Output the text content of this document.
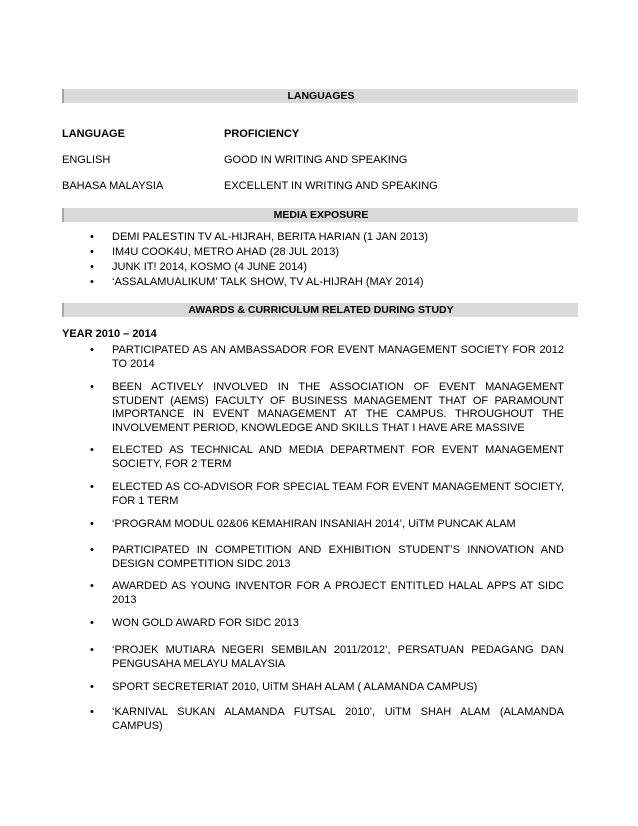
LANGUAGES
LANGUAGE	PROFICIENCY
ENGLISH	GOOD IN WRITING AND SPEAKING
BAHASA MALAYSIA	EXCELLENT IN WRITING AND SPEAKING
MEDIA EXPOSURE
• DEMI PALESTIN TV AL-HIJRAH, BERITA HARIAN (1 JAN 2013)
• IM4U COOK4U, METRO AHAD (28 JUL 2013)
• JUNK IT! 2014, KOSMO (4 JUNE 2014)
• ‘ASSALAMUALIKUM’ TALK SHOW, TV AL-HIJRAH (MAY 2014)
AWARDS & CURRICULUM RELATED DURING STUDY
YEAR 2010 – 2014
• PARTICIPATED AS AN AMBASSADOR FOR EVENT MANAGEMENT SOCIETY FOR 2012 TO 2014
• BEEN ACTIVELY INVOLVED IN THE ASSOCIATION OF EVENT MANAGEMENT STUDENT (AEMS) FACULTY OF BUSINESS MANAGEMENT THAT OF PARAMOUNT IMPORTANCE IN EVENT MANAGEMENT AT THE CAMPUS. THROUGHOUT THE INVOLVEMENT PERIOD, KNOWLEDGE AND SKILLS THAT I HAVE ARE MASSIVE
• ELECTED AS TECHNICAL AND MEDIA DEPARTMENT FOR EVENT MANAGEMENT SOCIETY, FOR 2 TERM
• ELECTED AS CO-ADVISOR FOR SPECIAL TEAM FOR EVENT MANAGEMENT SOCIETY, FOR 1 TERM
• ‘PROGRAM MODUL 02&06 KEMAHIRAN INSANIAH 2014’, UiTM PUNCAK ALAM
• PARTICIPATED IN COMPETITION AND EXHIBITION STUDENT’S INNOVATION AND DESIGN COMPETITION SIDC 2013
• AWARDED AS YOUNG INVENTOR FOR A PROJECT ENTITLED HALAL APPS AT SIDC 2013
• WON GOLD AWARD FOR SIDC 2013
• ‘PROJEK MUTIARA NEGERI SEMBILAN 2011/2012’, PERSATUAN PEDAGANG DAN PENGUSAHA MELAYU MALAYSIA
• SPORT SECRETERIAT 2010, UiTM SHAH ALAM ( ALAMANDA CAMPUS)
• ‘KARNIVAL SUKAN ALAMANDA FUTSAL 2010’, UiTM SHAH ALAM (ALAMANDA CAMPUS)
